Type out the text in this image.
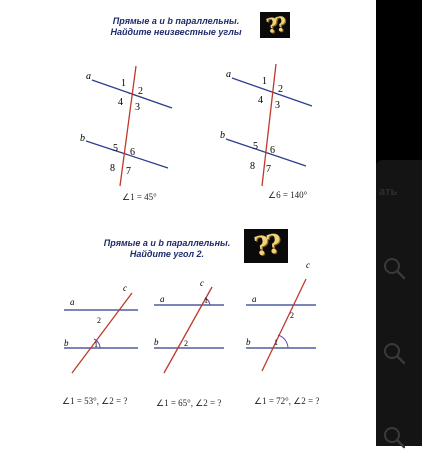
Прямые a и b параллельны.
Найдите неизвестные углы	??
a
b
1
2
4 3
5 6
8 7
a
b
1
2
4 3
5 6
8 7
∠1 = 45°	∠6 = 140°
Прямые a и b параллельны.
Найдите угол 2.	??
a
b
c
1
2
a
b
c
1
2
a
b
c
1
2
∠1 = 53°, ∠2 = ?	∠1 = 65°, ∠2 = ?	∠1 = 72°, ∠2 = ?
ать
